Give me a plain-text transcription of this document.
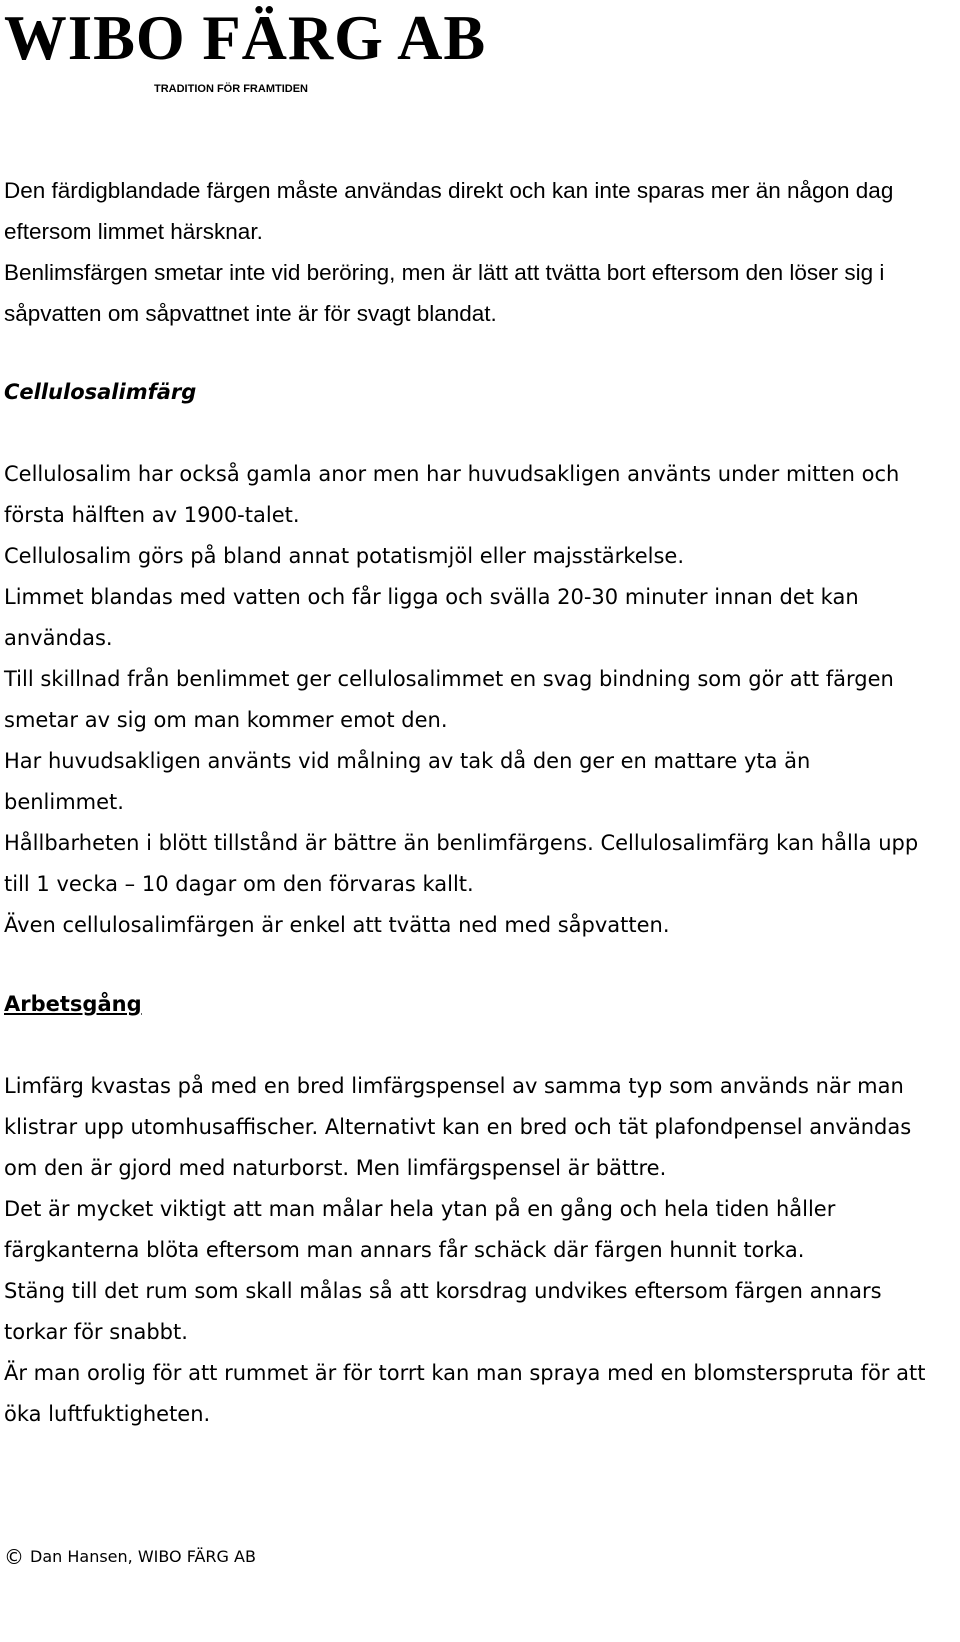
WIBO FÄRG AB
TRADITION FÖR FRAMTIDEN

Den färdigblandade färgen måste användas direkt och kan inte sparas mer än någon dag eftersom limmet härsknar.

Benlimsfärgen smetar inte vid beröring, men är lätt att tvätta bort eftersom den löser sig i såpvatten om såpvattnet inte är för svagt blandat.

Cellulosalimfärg

Cellulosalim har också gamla anor men har huvudsakligen använts under mitten och första hälften av 1900-talet.

Cellulosalim görs på bland annat potatismjöl eller majsstärkelse.

Limmet blandas med vatten och får ligga och svälla 20-30 minuter innan det kan användas.

Till skillnad från benlimmet ger cellulosalimmet en svag bindning som gör att färgen smetar av sig om man kommer emot den.

Har huvudsakligen använts vid målning av tak då den ger en mattare yta än benlimmet.

Hållbarheten i blött tillstånd är bättre än benlimfärgens. Cellulosalimfärg kan hålla upp till 1 vecka – 10 dagar om den förvaras kallt.

Även cellulosalimfärgen är enkel att tvätta ned med såpvatten.

Arbetsgång

Limfärg kvastas på med en bred limfärgspensel av samma typ som används när man klistrar upp utomhusaffischer. Alternativt kan en bred och tät plafondpensel användas om den är gjord med naturborst. Men limfärgspensel är bättre.

Det är mycket viktigt att man målar hela ytan på en gång och hela tiden håller färgkanterna blöta eftersom man annars får schäck där färgen hunnit torka.

Stäng till det rum som skall målas så att korsdrag undvikes eftersom färgen annars torkar för snabbt.

Är man orolig för att rummet är för torrt kan man spraya med en blomsterspruta för att öka luftfuktigheten.

© Dan Hansen, WIBO FÄRG AB
